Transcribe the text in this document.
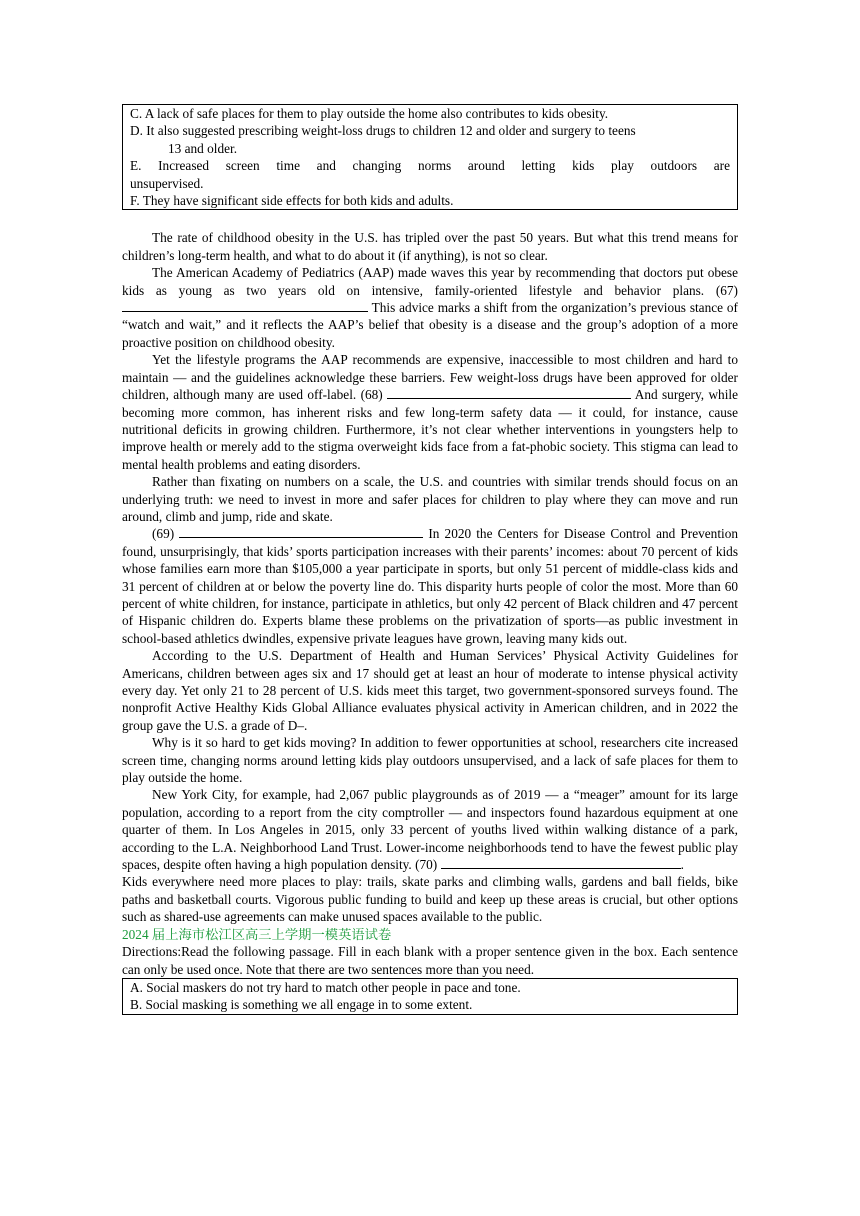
C. A lack of safe places for them to play outside the home also contributes to kids obesity.
D. It also suggested prescribing weight-loss drugs to children 12 and older and surgery to teens
13 and older.
E. Increased screen time and changing norms around letting kids play outdoors are
unsupervised.
F. They have significant side effects for both kids and adults.

The rate of childhood obesity in the U.S. has tripled over the past 50 years. But what this trend means for children’s long-term health, and what to do about it (if anything), is not so clear.

The American Academy of Pediatrics (AAP) made waves this year by recommending that doctors put obese kids as young as two years old on intensive, family-oriented lifestyle and behavior plans. (67)  This advice marks a shift from the organization’s previous stance of “watch and wait,” and it reflects the AAP’s belief that obesity is a disease and the group’s adoption of a more proactive position on childhood obesity.

Yet the lifestyle programs the AAP recommends are expensive, inaccessible to most children and hard to maintain — and the guidelines acknowledge these barriers. Few weight-loss drugs have been approved for older children, although many are used off-label. (68)	And surgery, while becoming more common, has inherent risks and few long-term safety data — it could, for instance, cause nutritional deficits in growing children. Furthermore, it’s not clear whether interventions in youngsters help to improve health or merely add to the stigma overweight kids face from a fat-phobic society. This stigma can lead to mental health problems and eating disorders.

Rather than fixating on numbers on a scale, the U.S. and countries with similar trends should focus on an underlying truth: we need to invest in more and safer places for children to play where they can move and run around, climb and jump, ride and skate.

(69)	In 2020 the Centers for Disease Control and Prevention found, unsurprisingly, that kids’ sports participation increases with their parents’ incomes: about 70 percent of kids whose families earn more than $105,000 a year participate in sports, but only 51 percent of middle-class kids and 31 percent of children at or below the poverty line do. This disparity hurts people of color the most. More than 60 percent of white children, for instance, participate in athletics, but only 42 percent of Black children and 47 percent of Hispanic children do. Experts blame these problems on the privatization of sports—as public investment in school-based athletics dwindles, expensive private leagues have grown, leaving many kids out.

According to the U.S. Department of Health and Human Services’ Physical Activity Guidelines for Americans, children between ages six and 17 should get at least an hour of moderate to intense physical activity every day. Yet only 21 to 28 percent of U.S. kids meet this target, two government-sponsored surveys found. The nonprofit Active Healthy Kids Global Alliance evaluates physical activity in American children, and in 2022 the group gave the U.S. a grade of D–.

Why is it so hard to get kids moving? In addition to fewer opportunities at school, researchers cite increased screen time, changing norms around letting kids play outdoors unsupervised, and a lack of safe places for them to play outside the home.

New York City, for example, had 2,067 public playgrounds as of 2019 — a “meager” amount for its large population, according to a report from the city comptroller — and inspectors found hazardous equipment at one quarter of them. In Los Angeles in 2015, only 33 percent of youths lived within walking distance of a park, according to the L.A. Neighborhood Land Trust. Lower-income neighborhoods tend to have the fewest public play spaces, despite often having a high population density. (70)	.

Kids everywhere need more places to play: trails, skate parks and climbing walls, gardens and ball fields, bike paths and basketball courts. Vigorous public funding to build and keep up these areas is crucial, but other options such as shared-use agreements can make unused spaces available to the public.

2024 届上海市松江区高三上学期一模英语试卷

Directions:Read the following passage. Fill in each blank with a proper sentence given in the box. Each sentence can only be used once. Note that there are two sentences more than you need.

A. Social maskers do not try hard to match other people in pace and tone.
B. Social masking is something we all engage in to some extent.
